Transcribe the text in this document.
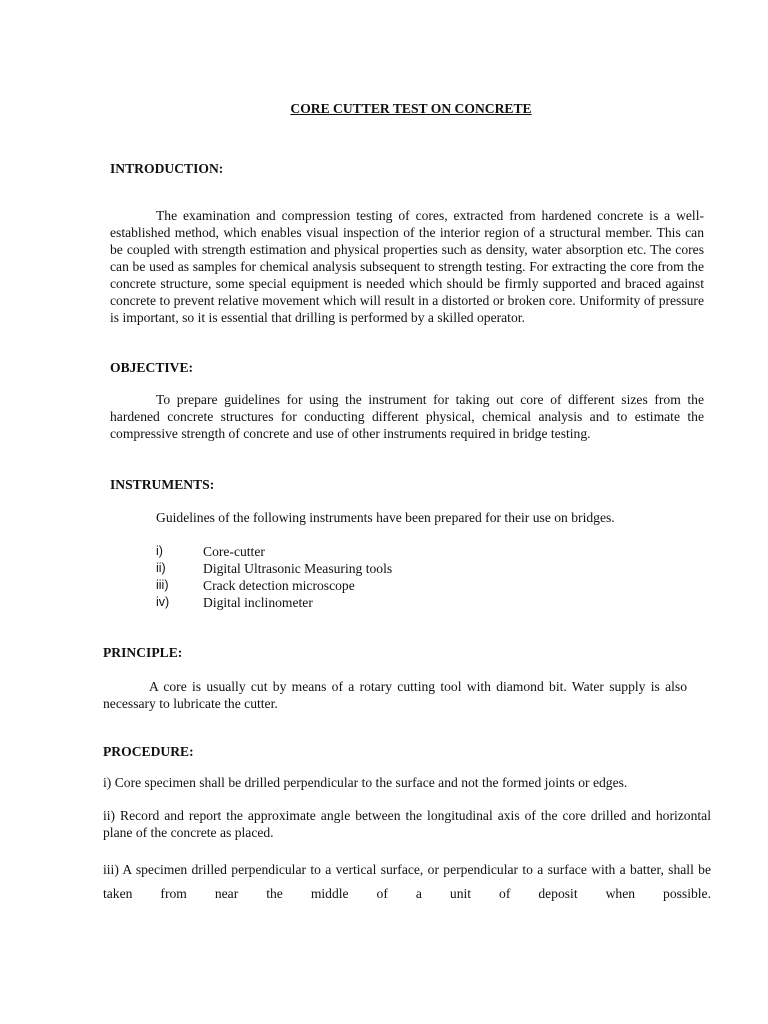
CORE CUTTER TEST ON CONCRETE
INTRODUCTION:

The examination and compression testing of cores, extracted from hardened concrete is a well-established method, which enables visual inspection of the interior region of a structural member. This can be coupled with strength estimation and physical properties such as density, water absorption etc. The cores can be used as samples for chemical analysis subsequent to strength testing. For extracting the core from the concrete structure, some special equipment is needed which should be firmly supported and braced against concrete to prevent relative movement which will result in a distorted or broken core. Uniformity of pressure is important, so it is essential that drilling is performed by a skilled operator.

OBJECTIVE:

To prepare guidelines for using the instrument for taking out core of different sizes from the hardened concrete structures for conducting different physical, chemical analysis and to estimate the compressive strength of concrete and use of other instruments required in bridge testing.

INSTRUMENTS:

Guidelines of the following instruments have been prepared for their use on bridges.

i)	Core-cutter
ii)	Digital Ultrasonic Measuring tools
iii)	Crack detection microscope
iv)	Digital inclinometer
PRINCIPLE:

A core is usually cut by means of a rotary cutting tool with diamond bit. Water supply is also necessary to lubricate the cutter.

PROCEDURE:

i) Core specimen shall be drilled perpendicular to the surface and not the formed joints or edges.

ii) Record and report the approximate angle between the longitudinal axis of the core drilled and horizontal plane of the concrete as placed.

iii) A specimen drilled perpendicular to a vertical surface, or perpendicular to a surface with a batter, shall be taken from near the middle of a unit of deposit when possible.
